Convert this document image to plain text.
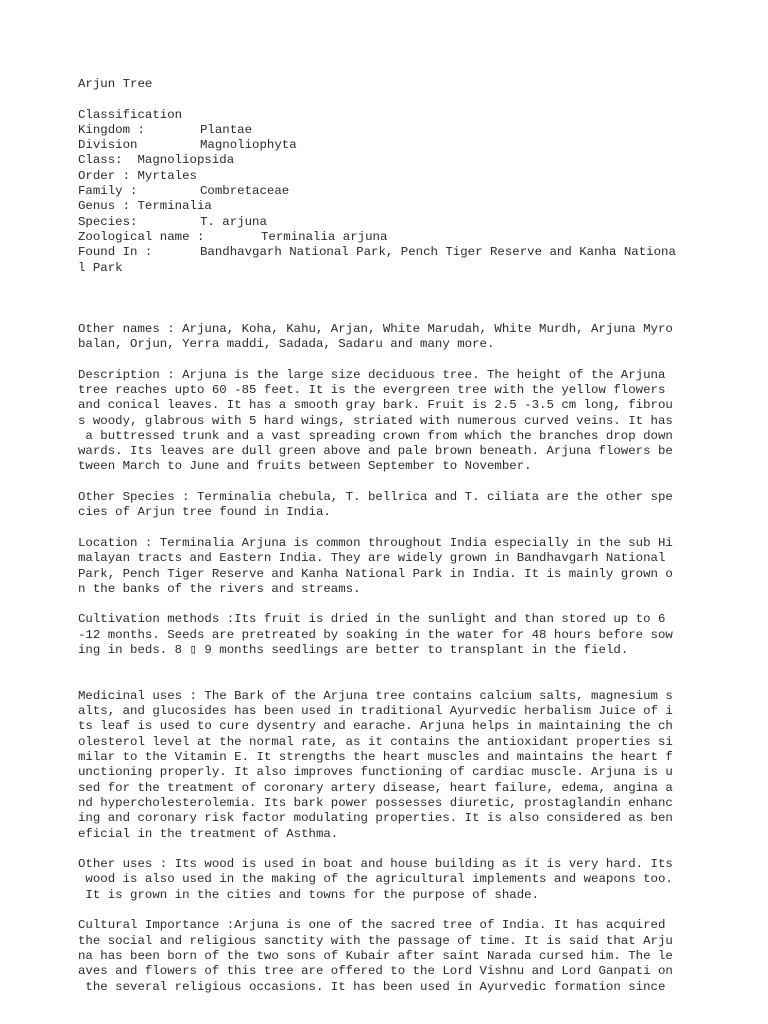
Arjun Tree
Classification
Kingdom :	Plantae
Division	Magnoliophyta
Class:  Magnoliopsida
Order : Myrtales
Family :	Combretaceae
Genus : Terminalia
Species:	T. arjuna
Zoological name :	Terminalia arjuna
Found In :	Bandhavgarh National Park, Pench Tiger Reserve and Kanha Nationa
l Park
Other names : Arjuna, Koha, Kahu, Arjan, White Marudah, White Murdh, Arjuna Myro
balan, Orjun, Yerra maddi, Sadada, Sadaru and many more.
Description : Arjuna is the large size deciduous tree. The height of the Arjuna
tree reaches upto 60 -85 feet. It is the evergreen tree with the yellow flowers
and conical leaves. It has a smooth gray bark. Fruit is 2.5 -3.5 cm long, fibrou
s woody, glabrous with 5 hard wings, striated with numerous curved veins. It has
a buttressed trunk and a vast spreading crown from which the branches drop down
wards. Its leaves are dull green above and pale brown beneath. Arjuna flowers be
tween March to June and fruits between September to November.
Other Species : Terminalia chebula, T. bellrica and T. ciliata are the other spe
cies of Arjun tree found in India.
Location : Terminalia Arjuna is common throughout India especially in the sub Hi
malayan tracts and Eastern India. They are widely grown in Bandhavgarh National
Park, Pench Tiger Reserve and Kanha National Park in India. It is mainly grown o
n the banks of the rivers and streams.
Cultivation methods :Its fruit is dried in the sunlight and than stored up to 6
-12 months. Seeds are pretreated by soaking in the water for 48 hours before sow
ing in beds. 8 ▯ 9 months seedlings are better to transplant in the field.
Medicinal uses : The Bark of the Arjuna tree contains calcium salts, magnesium s
alts, and glucosides has been used in traditional Ayurvedic herbalism Juice of i
ts leaf is used to cure dysentry and earache. Arjuna helps in maintaining the ch
olesterol level at the normal rate, as it contains the antioxidant properties si
milar to the Vitamin E. It strengths the heart muscles and maintains the heart f
unctioning properly. It also improves functioning of cardiac muscle. Arjuna is u
sed for the treatment of coronary artery disease, heart failure, edema, angina a
nd hypercholesterolemia. Its bark power possesses diuretic, prostaglandin enhanc
ing and coronary risk factor modulating properties. It is also considered as ben
eficial in the treatment of Asthma.
Other uses : Its wood is used in boat and house building as it is very hard. Its
wood is also used in the making of the agricultural implements and weapons too.
It is grown in the cities and towns for the purpose of shade.
Cultural Importance :Arjuna is one of the sacred tree of India. It has acquired
the social and religious sanctity with the passage of time. It is said that Arju
na has been born of the two sons of Kubair after saint Narada cursed him. The le
aves and flowers of this tree are offered to the Lord Vishnu and Lord Ganpati on
the several religious occasions. It has been used in Ayurvedic formation since
